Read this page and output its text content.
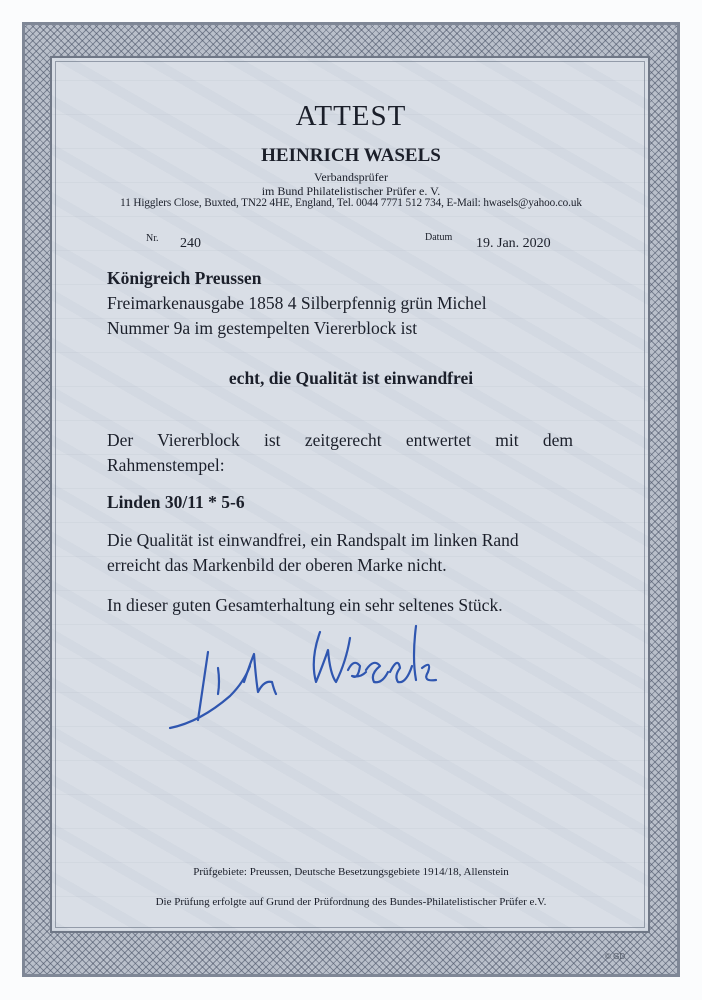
ATTEST
HEINRICH WASELS
Verbandsprüfer
im Bund Philatelistischer Prüfer e. V.
11 Higglers Close, Buxted, TN22 4HE, England, Tel. 0044 7771 512 734, E-Mail: hwasels@yahoo.co.uk
Nr. 240	Datum 19. Jan. 2020
Königreich Preussen
Freimarkenausgabe 1858 4 Silberpfennig grün Michel
Nummer 9a im gestempelten Viererblock ist
echt, die Qualität ist einwandfrei
Der Viererblock ist zeitgerecht entwertet mit dem
Rahmenstempel:
Linden 30/11 * 5-6
Die Qualität ist einwandfrei, ein Randspalt im linken Rand
erreicht das Markenbild der oberen Marke nicht.
In dieser guten Gesamterhaltung ein sehr seltenes Stück.
Prüfgebiete: Preussen, Deutsche Besetzungsgebiete 1914/18, Allenstein
Die Prüfung erfolgte auf Grund der Prüfordnung des Bundes-Philatelistischer Prüfer e.V.
© GD
